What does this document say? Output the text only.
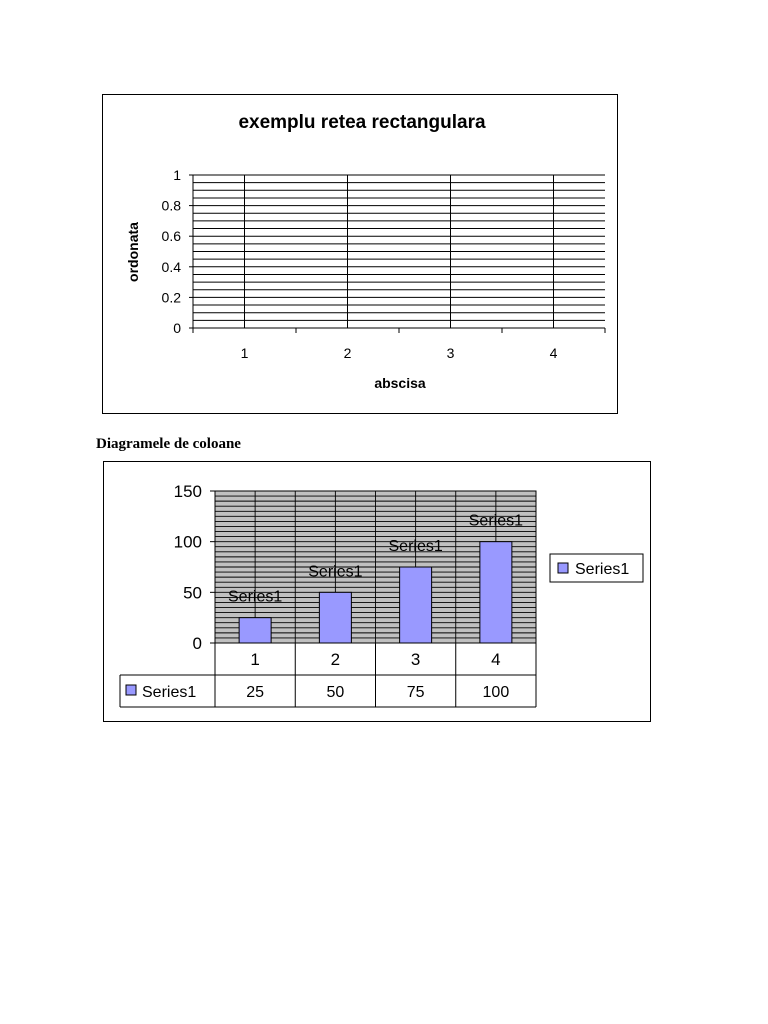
exemplu retea rectangulara
0
0.2
0.4
0.6
0.8
1
1	2	3	4
ordonata
abscisa
Diagramele de coloane
Series1
Series1
Series1
Series1
0
50
100
150
1	2	3	4
25	50	75	100
Series1
Series1
